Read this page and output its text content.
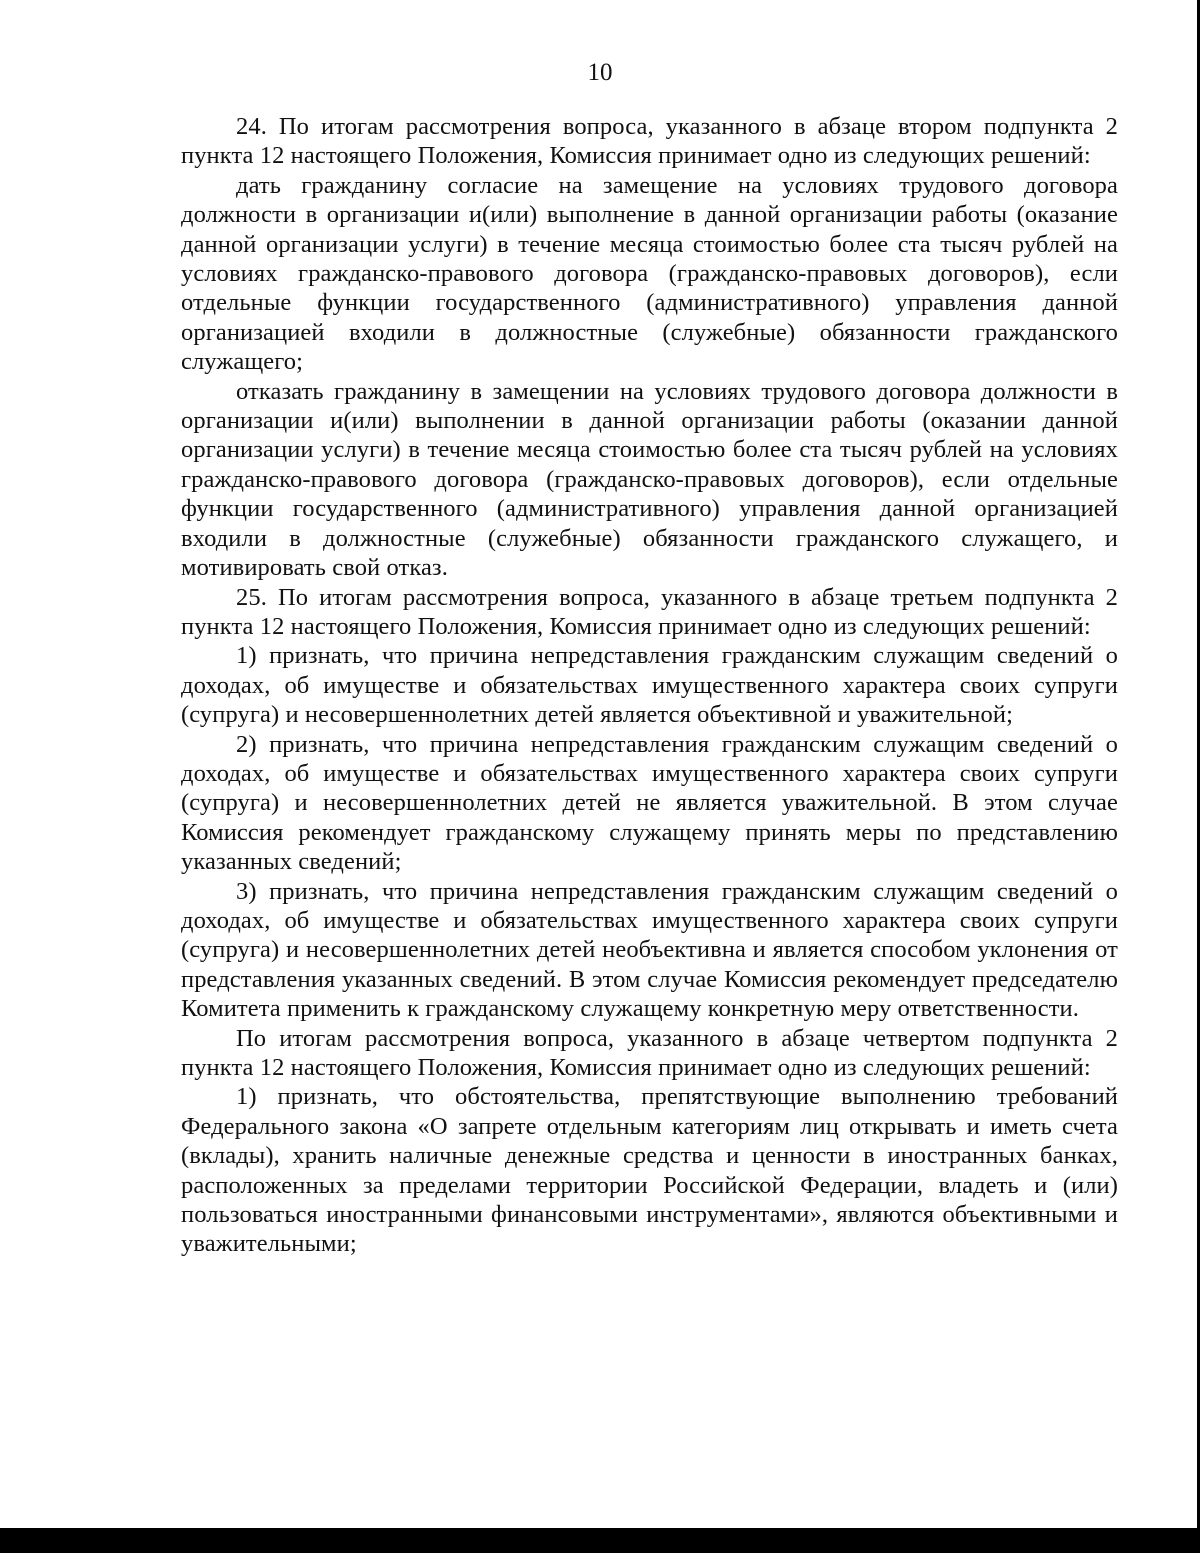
10

24. По итогам рассмотрения вопроса, указанного в абзаце втором подпункта 2 пункта 12 настоящего Положения, Комиссия принимает одно из следующих решений:

дать гражданину согласие на замещение на условиях трудового договора должности в организации и(или) выполнение в данной организации работы (оказание данной организации услуги) в течение месяца стоимостью более ста тысяч рублей на условиях гражданско-правового договора (гражданско-правовых договоров), если отдельные функции государственного (административного) управления данной организацией входили в должностные (служебные) обязанности гражданского служащего;

отказать гражданину в замещении на условиях трудового договора должности в организации и(или) выполнении в данной организации работы (оказании данной организации услуги) в течение месяца стоимостью более ста тысяч рублей на условиях гражданско-правового договора (гражданско-правовых договоров), если отдельные функции государственного (административного) управления данной организацией входили в должностные (служебные) обязанности гражданского служащего, и мотивировать свой отказ.

25. По итогам рассмотрения вопроса, указанного в абзаце третьем подпункта 2 пункта 12 настоящего Положения, Комиссия принимает одно из следующих решений:

1) признать, что причина непредставления гражданским служащим сведений о доходах, об имуществе и обязательствах имущественного характера своих супруги (супруга) и несовершеннолетних детей является объективной и уважительной;

2) признать, что причина непредставления гражданским служащим сведений о доходах, об имуществе и обязательствах имущественного характера своих супруги (супруга) и несовершеннолетних детей не является уважительной. В этом случае Комиссия рекомендует гражданскому служащему принять меры по представлению указанных сведений;

3) признать, что причина непредставления гражданским служащим сведений о доходах, об имуществе и обязательствах имущественного характера своих супруги (супруга) и несовершеннолетних детей необъективна и является способом уклонения от представления указанных сведений. В этом случае Комиссия рекомендует председателю Комитета применить к гражданскому служащему конкретную меру ответственности.

По итогам рассмотрения вопроса, указанного в абзаце четвертом подпункта 2 пункта 12 настоящего Положения, Комиссия принимает одно из следующих решений:

1) признать, что обстоятельства, препятствующие выполнению требований Федерального закона «О запрете отдельным категориям лиц открывать и иметь счета (вклады), хранить наличные денежные средства и ценности в иностранных банках, расположенных за пределами территории Российской Федерации, владеть и (или) пользоваться иностранными финансовыми инструментами», являются объективными и уважительными;
